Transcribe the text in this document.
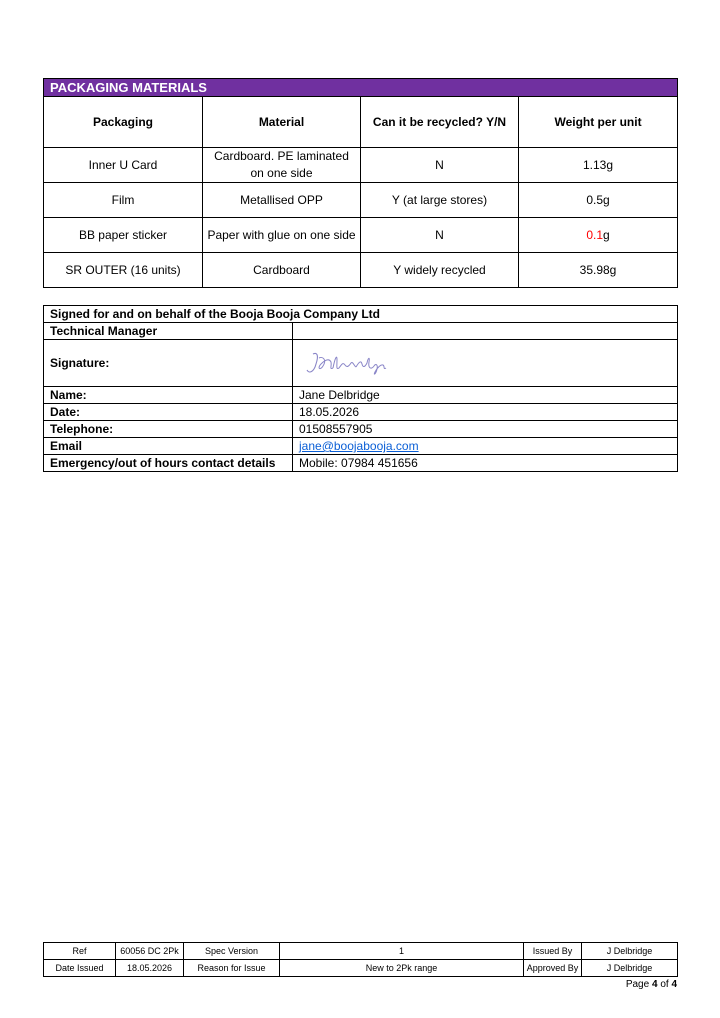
PACKAGING MATERIALS			
Packaging	Material	Can it be recycled? Y/N	Weight per unit
Inner U Card	Cardboard. PE laminated on one side	N	1.13g
Film	Metallised OPP	Y (at large stores)	0.5g
BB paper sticker	Paper with glue on one side	N	0.1g
SR OUTER (16 units)	Cardboard	Y widely recycled	35.98g
Signed for and on behalf of the Booja Booja Company Ltd	
Technical Manager	
Signature:	

Name:	Jane Delbridge
Date:	18.05.2026
Telephone:	01508557905
Email	jane@boojabooja.com
Emergency/out of hours contact details	Mobile: 07984 451656
Ref	60056 DC 2Pk	Spec Version	1	Issued By	J Delbridge
Date Issued	18.05.2026	Reason for Issue	New to 2Pk range	Approved By	J Delbridge
Page 4 of 4
